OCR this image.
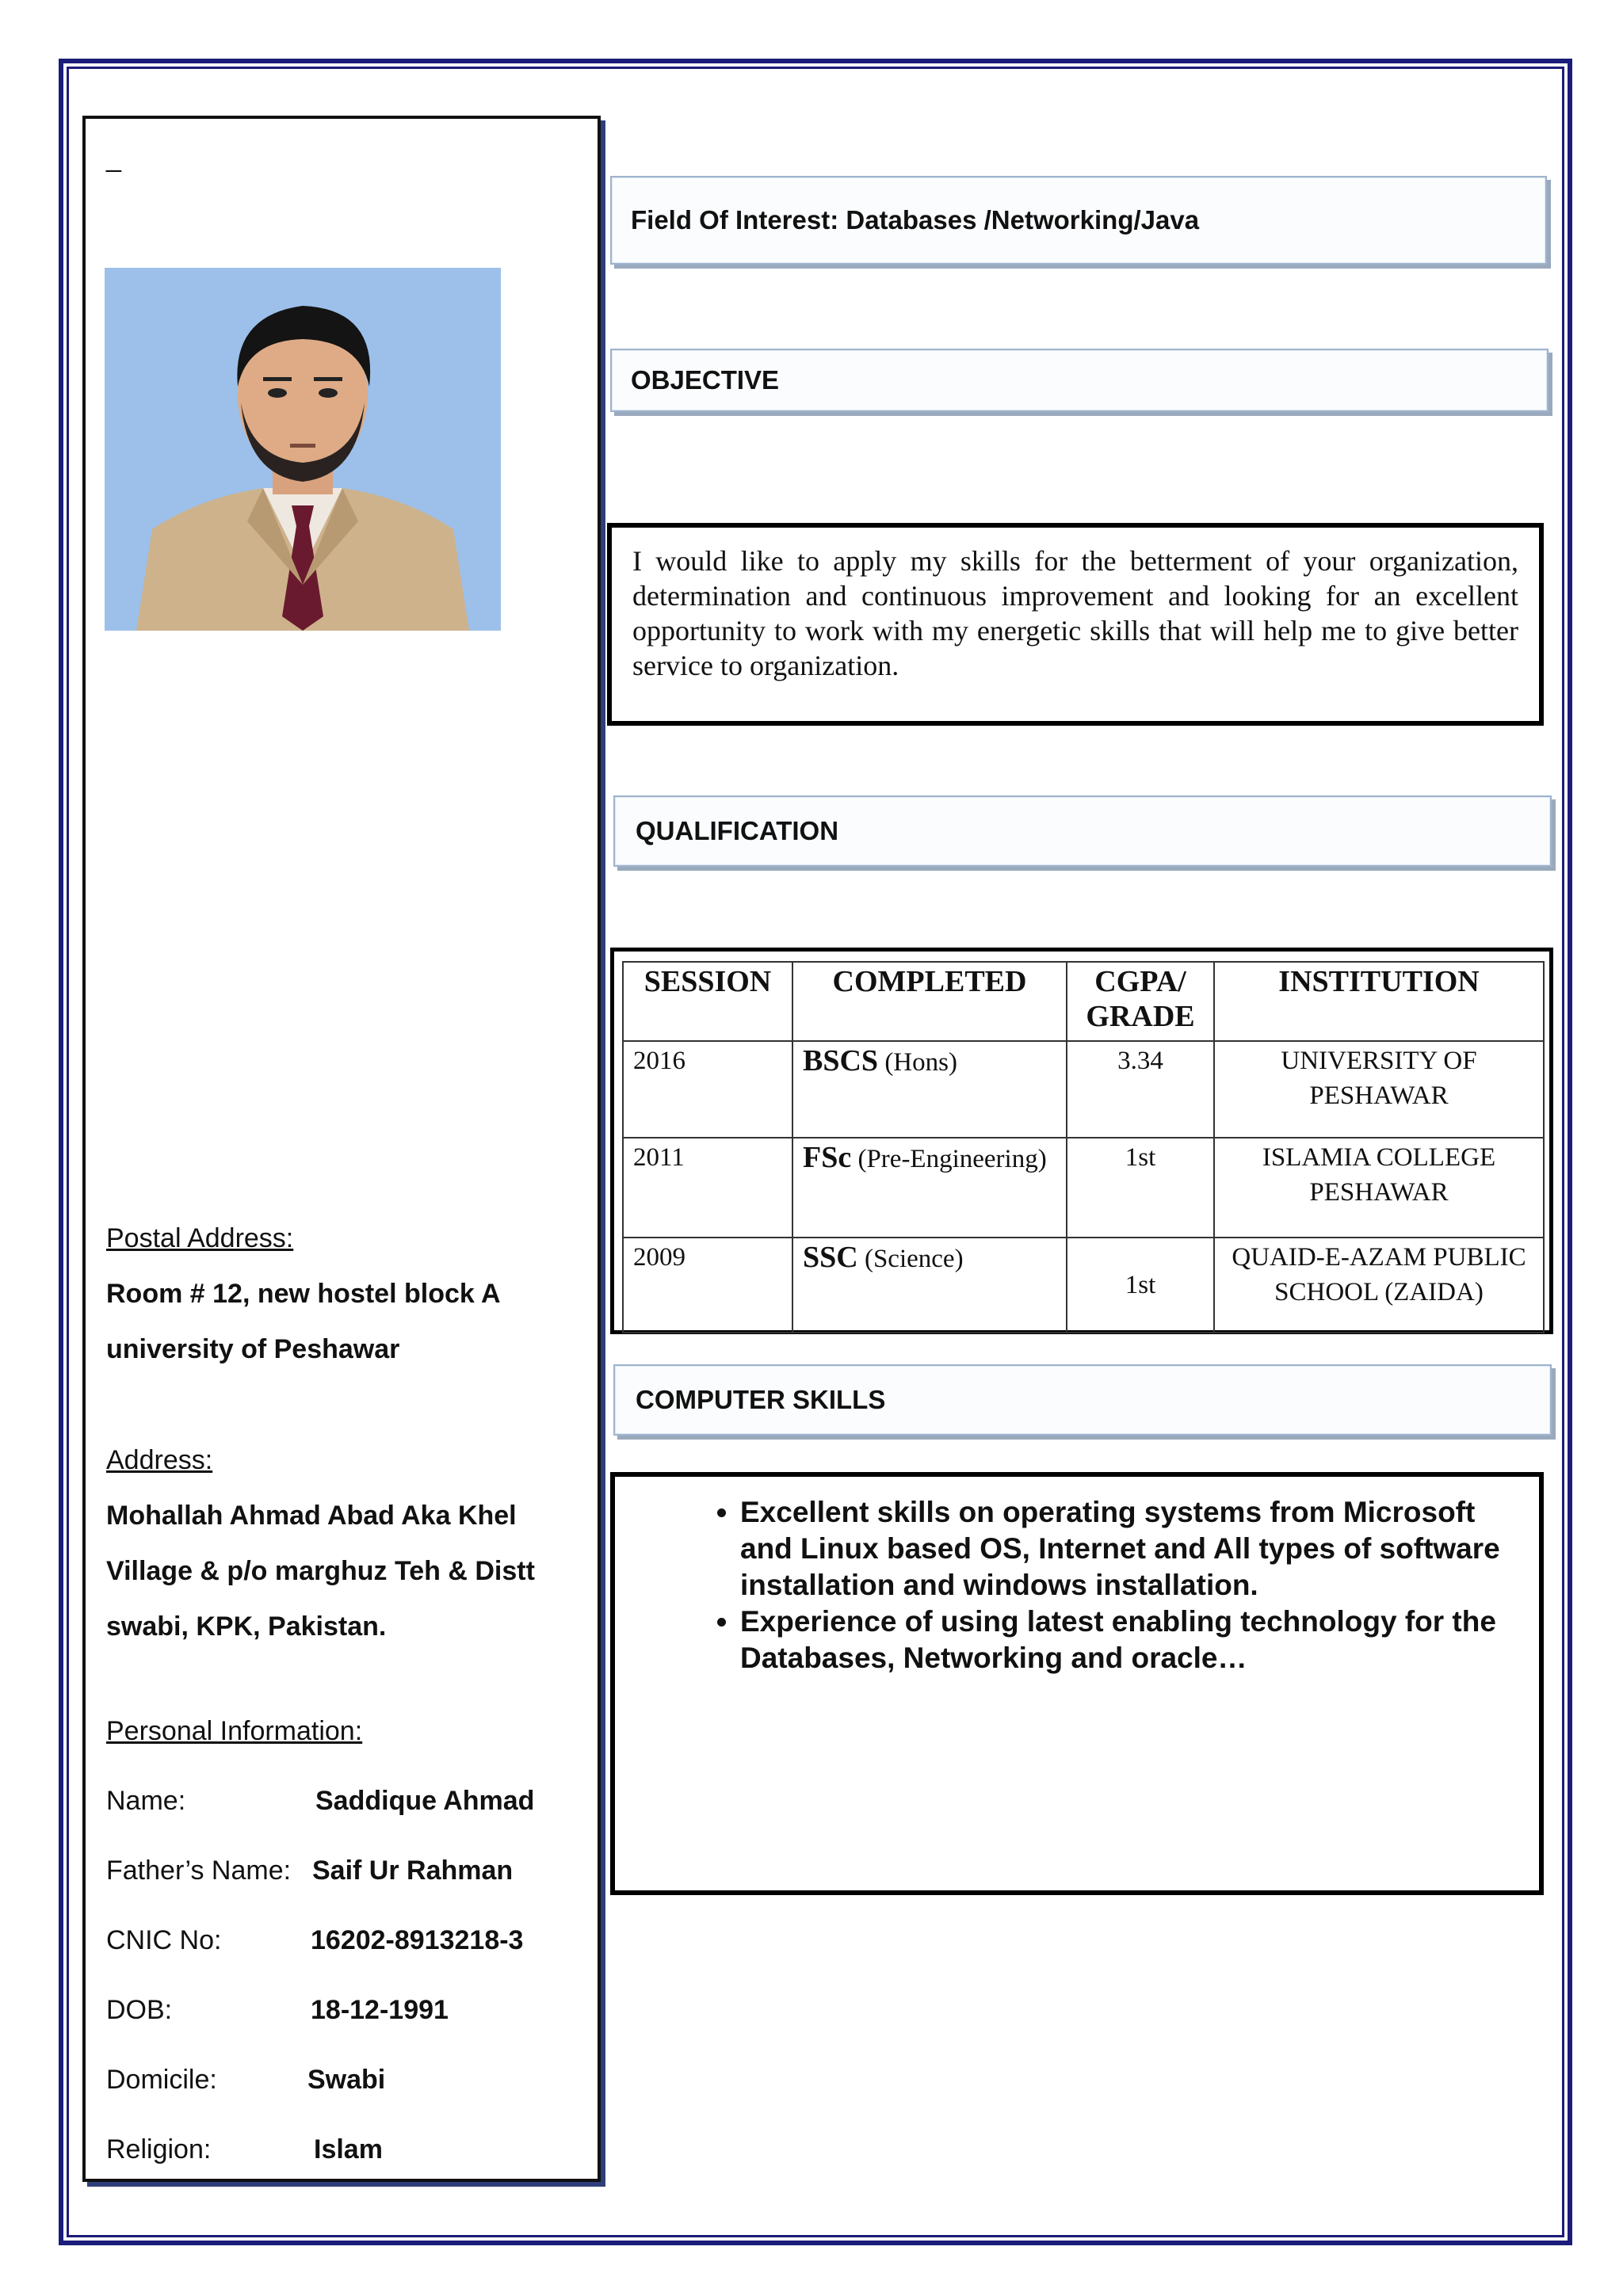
_
Postal Address:
Room # 12, new hostel block A
university of Peshawar
Address:
Mohallah Ahmad Abad Aka Khel
Village & p/o marghuz Teh & Distt
swabi, KPK, Pakistan.
Personal Information:
Name:	Saddique Ahmad
Father’s Name: Saif Ur Rahman
CNIC No:	16202-8913218-3
DOB:	18-12-1991
Domicile:	Swabi
Religion:	Islam
Field Of Interest: Databases /Networking/Java
OBJECTIVE
I would like to apply my skills for the betterment of your organization, determination and continuous improvement and looking for an excellent opportunity to work with my energetic skills that will help me to give better service to organization.
QUALIFICATION
SESSION	COMPLETED	CGPA/ GRADE	INSTITUTION
2016	BSCS (Hons)	3.34	UNIVERSITY OF PESHAWAR
2011	FSc (Pre-Engineering)	1st	ISLAMIA COLLEGE PESHAWAR
2009	SSC (Science)	1st	QUAID-E-AZAM PUBLIC SCHOOL (ZAIDA)
COMPUTER SKILLS
• Excellent skills on operating systems from Microsoft and Linux based OS, Internet and All types of software installation and windows installation.
• Experience of using latest enabling technology for the Databases, Networking and oracle…
